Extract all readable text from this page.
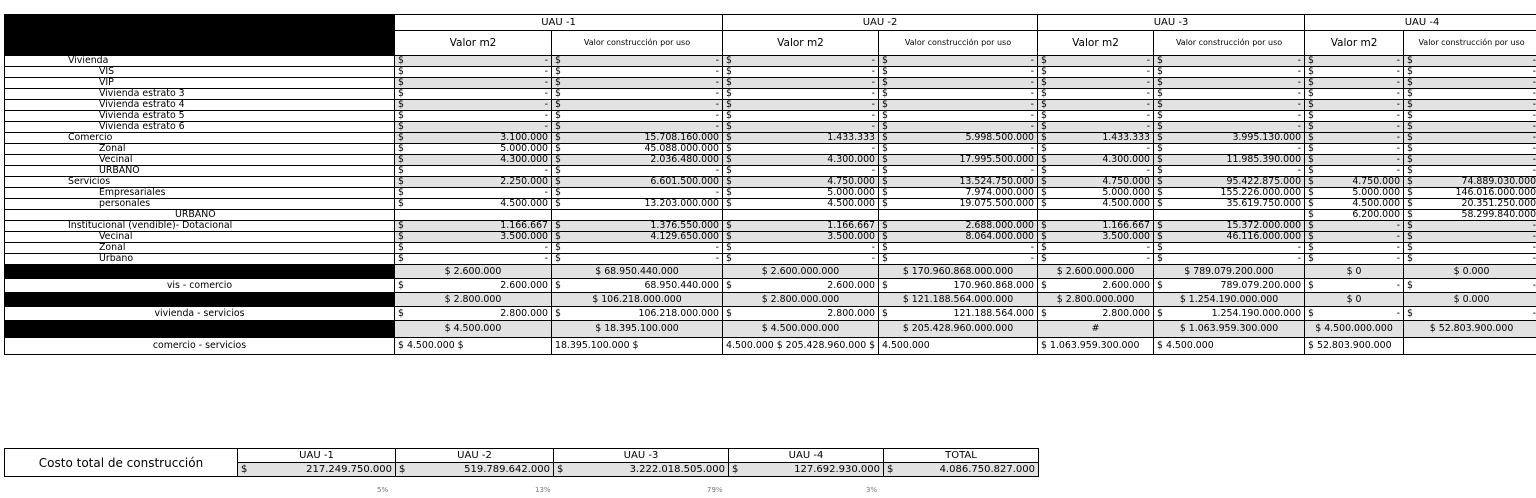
	UAU -1		UAU -2		UAU -3		UAU -4	
	Valor m2	Valor construcción por uso	Valor m2	Valor construcción por uso	Valor m2	Valor construcción por uso	Valor m2	Valor construcción por uso
Vivienda	$ -	$ -	$ -	$ -	$ -	$ -	$ -	$ -

VIS	$ -	$ -	$ -	$ -	$ -	$ -	$ -	$ -

VIP	$ -	$ -	$ -	$ -	$ -	$ -	$ -	$ -

Vivienda estrato 3	$ -	$ -	$ -	$ -	$ -	$ -	$ -	$ -

Vivienda estrato 4	$ -	$ -	$ -	$ -	$ -	$ -	$ -	$ -

Vivienda estrato 5	$ -	$ -	$ -	$ -	$ -	$ -	$ -	$ -

Vivienda estrato 6	$ -	$ -	$ -	$ -	$ -	$ -	$ -	$ -

Comercio	$ 3.100.000	$ 15.708.160.000	$ 1.433.333	$ 5.998.500.000	$ 1.433.333	$ 3.995.130.000	$ -	$ -

Zonal	$ 5.000.000	$ 45.088.000.000	$ -	$ -	$ -	$ -	$ -	$ -

Vecinal	$ 4.300.000	$ 2.036.480.000	$ 4.300.000	$ 17.995.500.000	$ 4.300.000	$ 11.985.390.000	$ -	$ -

URBANO	$ -	$ -	$ -	$ -	$ -	$ -	$ -	$ -

Servicios	$ 2.250.000	$ 6.601.500.000	$ 4.750.000	$ 13.524.750.000	$ 4.750.000	$ 95.422.875.000	$ 4.750.000	$ 74.889.030.000

Empresariales	$ -	$ -	$ 5.000.000	$ 7.974.000.000	$ 5.000.000	$ 155.226.000.000	$ 5.000.000	$ 146.016.000.000

personales	$ 4.500.000	$ 13.203.000.000	$ 4.500.000	$ 19.075.500.000	$ 4.500.000	$ 35.619.750.000	$ 4.500.000	$ 20.351.250.000

URBANO							$ 6.200.000	$ 58.299.840.000

Institucional (vendible)- Dotacional	$ 1.166.667	$ 1.376.550.000	$ 1.166.667	$ 2.688.000.000	$ 1.166.667	$ 15.372.000.000	$ -	$ -

Vecinal	$ 3.500.000	$ 4.129.650.000	$ 3.500.000	$ 8.064.000.000	$ 3.500.000	$ 46.116.000.000	$ -	$ -

Zonal	$ -	$ -	$ -	$ -	$ -	$ -	$ -	$ -

Urbano	$ -	$ -	$ -	$ -	$ -	$ -	$ -	$ -

	$ 2.600.000	$ 68.950.440.000	$ 2.600.000.000	$ 170.960.868.000.000	$ 2.600.000.000	$ 789.079.200.000	$ 0	$ 0.000
vis - comercio	$ 2.600.000	$ 68.950.440.000	$ 2.600.000	$ 170.960.868.000	$ 2.600.000	$ 789.079.200.000	$ -	$ -

	$ 2.800.000	$ 106.218.000.000	$ 2.800.000.000	$ 121.188.564.000.000	$ 2.800.000.000	$ 1.254.190.000.000	$ 0	$ 0.000
vivienda - servicios	$ 2.800.000	$ 106.218.000.000	$ 2.800.000	$ 121.188.564.000	$ 2.800.000	$ 1.254.190.000.000	$ -	$ -

	$ 4.500.000	$ 18.395.100.000	$ 4.500.000.000	$ 205.428.960.000.000	#	$ 1.063.959.300.000	$ 4.500.000.000	$ 52.803.900.000
comercio - servicios	$ 4.500.000 $	18.395.100.000 $	4.500.000 $ 205.428.960.000 $	4.500.000	$ 1.063.959.300.000	$ 4.500.000	$ 52.803.900.000	
Costo total de construcción	UAU -1	UAU -2	UAU -3	UAU -4	TOTAL

	$ 217.249.750.000	$ 519.789.642.000	$ 3.222.018.505.000	$ 127.692.930.000	$ 4.086.750.827.000
5%	13%	79%	3%
